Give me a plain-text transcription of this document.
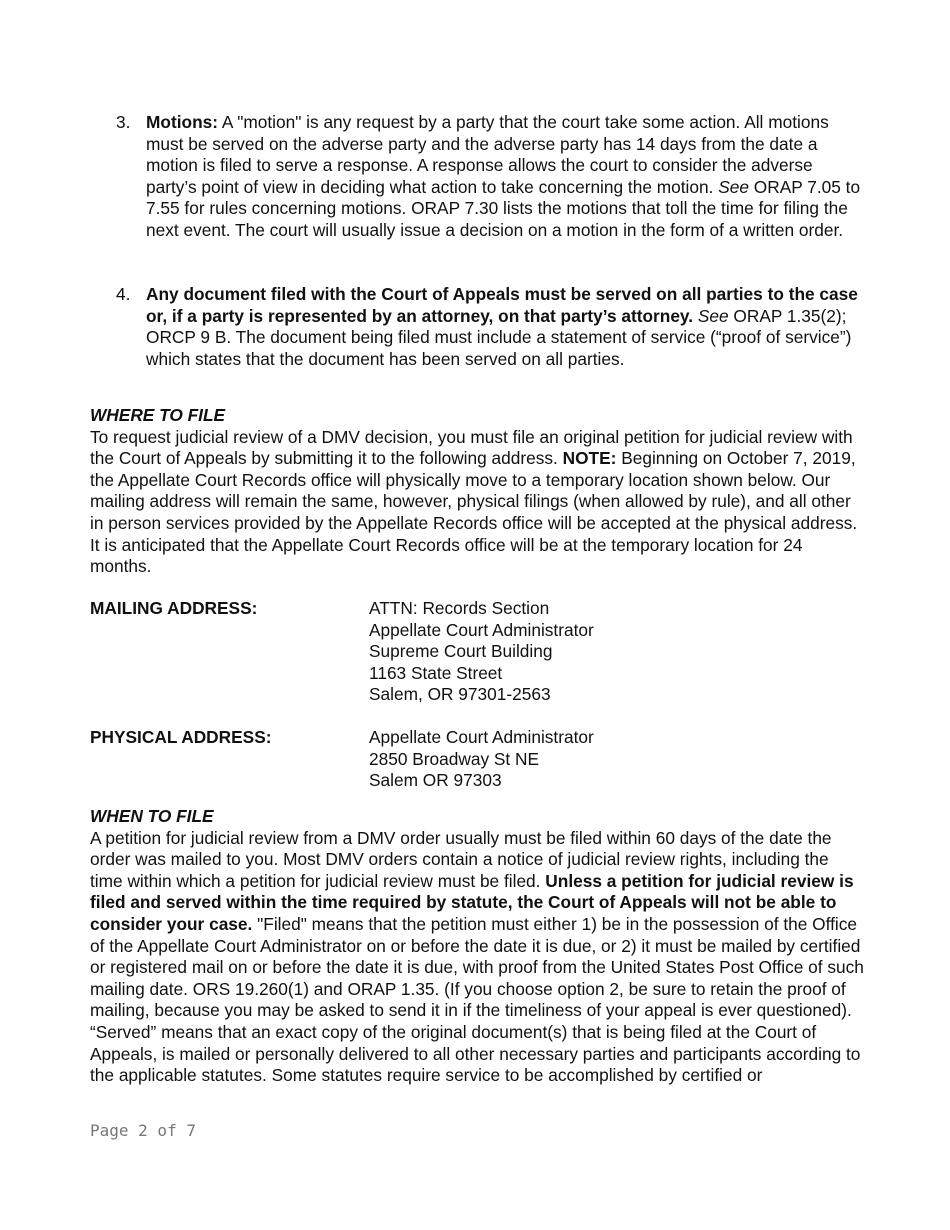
3. Motions: A "motion" is any request by a party that the court take some action. All motions must be served on the adverse party and the adverse party has 14 days from the date a motion is filed to serve a response. A response allows the court to consider the adverse party’s point of view in deciding what action to take concerning the motion. See ORAP 7.05 to 7.55 for rules concerning motions. ORAP 7.30 lists the motions that toll the time for filing the next event. The court will usually issue a decision on a motion in the form of a written order.
4. Any document filed with the Court of Appeals must be served on all parties to the case or, if a party is represented by an attorney, on that party’s attorney. See ORAP 1.35(2); ORCP 9 B. The document being filed must include a statement of service (“proof of service”) which states that the document has been served on all parties.
WHERE TO FILE
To request judicial review of a DMV decision, you must file an original petition for judicial review with the Court of Appeals by submitting it to the following address. NOTE: Beginning on October 7, 2019, the Appellate Court Records office will physically move to a temporary location shown below. Our mailing address will remain the same, however, physical filings (when allowed by rule), and all other in person services provided by the Appellate Records office will be accepted at the physical address. It is anticipated that the Appellate Court Records office will be at the temporary location for 24 months.
MAILING ADDRESS:	ATTN: Records Section
Appellate Court Administrator
Supreme Court Building
1163 State Street
Salem, OR 97301-2563
PHYSICAL ADDRESS:	Appellate Court Administrator
2850 Broadway St NE
Salem OR 97303
WHEN TO FILE
A petition for judicial review from a DMV order usually must be filed within 60 days of the date the order was mailed to you. Most DMV orders contain a notice of judicial review rights, including the time within which a petition for judicial review must be filed. Unless a petition for judicial review is filed and served within the time required by statute, the Court of Appeals will not be able to consider your case. "Filed" means that the petition must either 1) be in the possession of the Office of the Appellate Court Administrator on or before the date it is due, or 2) it must be mailed by certified or registered mail on or before the date it is due, with proof from the United States Post Office of such mailing date. ORS 19.260(1) and ORAP 1.35. (If you choose option 2, be sure to retain the proof of mailing, because you may be asked to send it in if the timeliness of your appeal is ever questioned). “Served” means that an exact copy of the original document(s) that is being filed at the Court of Appeals, is mailed or personally delivered to all other necessary parties and participants according to the applicable statutes. Some statutes require service to be accomplished by certified or
Page 2 of 7
